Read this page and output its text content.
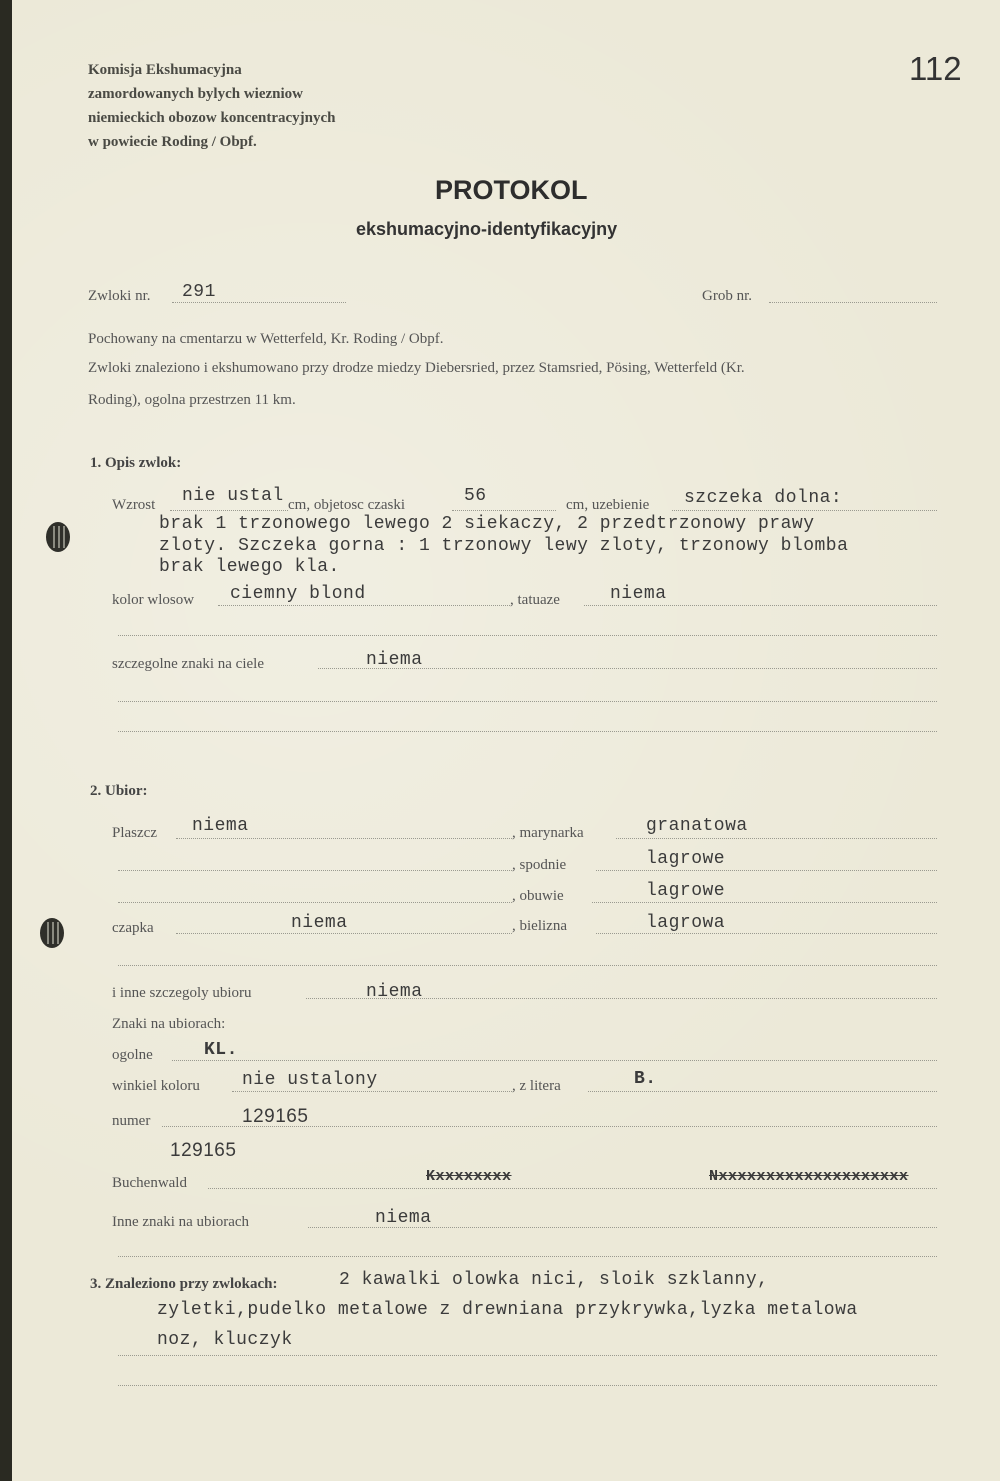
Komisja Ekshumacyjna
zamordowanych bylych wiezniow
niemieckich obozow koncentracyjnych
w powiecie Roding / Obpf.
112
PROTOKOL
ekshumacyjno-identyfikacyjny
Zwloki nr. 291	Grob nr.
Pochowany na cmentarzu w Wetterfeld, Kr. Roding / Obpf.
Zwloki znaleziono i ekshumowano przy drodze miedzy Diebersried, przez Stamsried, Pösing, Wetterfeld (Kr.
Roding), ogolna przestrzen 11 km.
1. Opis zwlok:
Wzrost nie ustal cm, objetosc czaski	56	cm, uzebienie szczeka dolna:
brak 1 trzonowego lewego 2 siekaczy, 2 przedtrzonowy prawy
zloty. Szczeka gorna : 1 trzonowy lewy zloty, trzonowy blomba
brak lewego kla.
kolor wlosow ciemny blond	, tatuaze	niema
szczegolne znaki na ciele	niema
2. Ubior:
Plaszcz niema	, marynarka	granatowa
, spodnie	lagrowe
, obuwie	lagrowe
czapka	niema	, bielizna	lagrowa
i inne szczegoly ubioru	niema
Znaki na ubiorach:
ogolne	KL.
winkiel koloru nie ustalony	, z litera	B.
numer	129165
129165
Buchenwald	Kxxxxxxxx	Nxxxxxxxxxxxxxxxxxxxx
Inne znaki na ubiorach	niema
3. Znaleziono przy zwlokach:	2 kawalki olowka nici, sloik szklanny,
zyletki,pudelko metalowe z drewniana przykrywka,lyzka metalowa
noz, kluczyk
